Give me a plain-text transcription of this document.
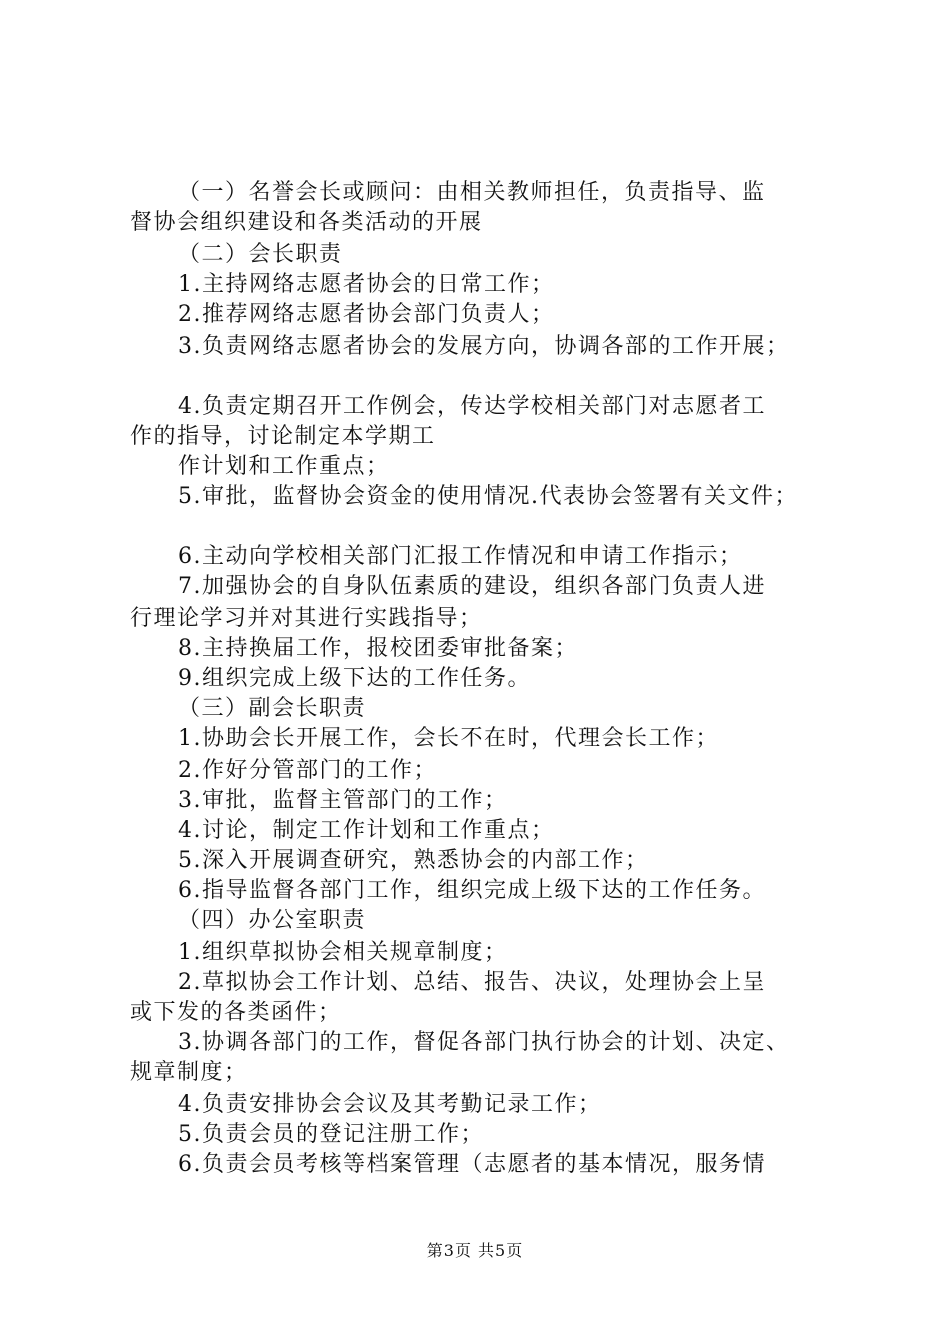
（一）名誉会长或顾问：由相关教师担任，负责指导、监
督协会组织建设和各类活动的开展
（二）会长职责
1.主持网络志愿者协会的日常工作；
2.推荐网络志愿者协会部门负责人；
3.负责网络志愿者协会的发展方向，协调各部的工作开展；
4.负责定期召开工作例会，传达学校相关部门对志愿者工
作的指导，讨论制定本学期工
作计划和工作重点；
5.审批，监督协会资金的使用情况.代表协会签署有关文件；
6.主动向学校相关部门汇报工作情况和申请工作指示；
7.加强协会的自身队伍素质的建设，组织各部门负责人进
行理论学习并对其进行实践指导；
8.主持换届工作，报校团委审批备案；
9.组织完成上级下达的工作任务。
（三）副会长职责
1.协助会长开展工作，会长不在时，代理会长工作；
2.作好分管部门的工作；
3.审批，监督主管部门的工作；
4.讨论，制定工作计划和工作重点；
5.深入开展调查研究，熟悉协会的内部工作；
6.指导监督各部门工作，组织完成上级下达的工作任务。
（四）办公室职责
1.组织草拟协会相关规章制度；
2.草拟协会工作计划、总结、报告、决议，处理协会上呈
或下发的各类函件；
3.协调各部门的工作，督促各部门执行协会的计划、决定、
规章制度；
4.负责安排协会会议及其考勤记录工作；
5.负责会员的登记注册工作；
6.负责会员考核等档案管理（志愿者的基本情况，服务情
第3页 共5页
